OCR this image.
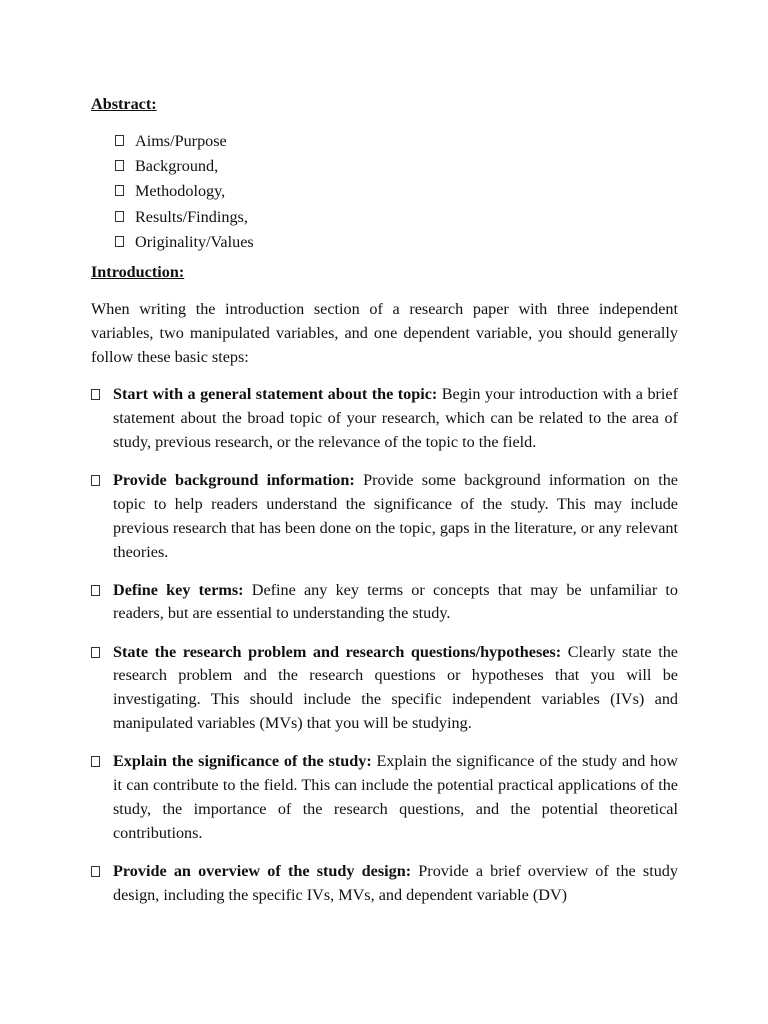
Abstract:

Aims/Purpose
Background,
Methodology,
Results/Findings,
Originality/Values

Introduction:

When writing the introduction section of a research paper with three independent variables, two manipulated variables, and one dependent variable, you should generally follow these basic steps:

Start with a general statement about the topic: Begin your introduction with a brief statement about the broad topic of your research, which can be related to the area of study, previous research, or the relevance of the topic to the field.
Provide background information: Provide some background information on the topic to help readers understand the significance of the study. This may include previous research that has been done on the topic, gaps in the literature, or any relevant theories.
Define key terms: Define any key terms or concepts that may be unfamiliar to readers, but are essential to understanding the study.
State the research problem and research questions/hypotheses: Clearly state the research problem and the research questions or hypotheses that you will be investigating. This should include the specific independent variables (IVs) and manipulated variables (MVs) that you will be studying.
Explain the significance of the study: Explain the significance of the study and how it can contribute to the field. This can include the potential practical applications of the study, the importance of the research questions, and the potential theoretical contributions.
Provide an overview of the study design: Provide a brief overview of the study design, including the specific IVs, MVs, and dependent variable (DV)
